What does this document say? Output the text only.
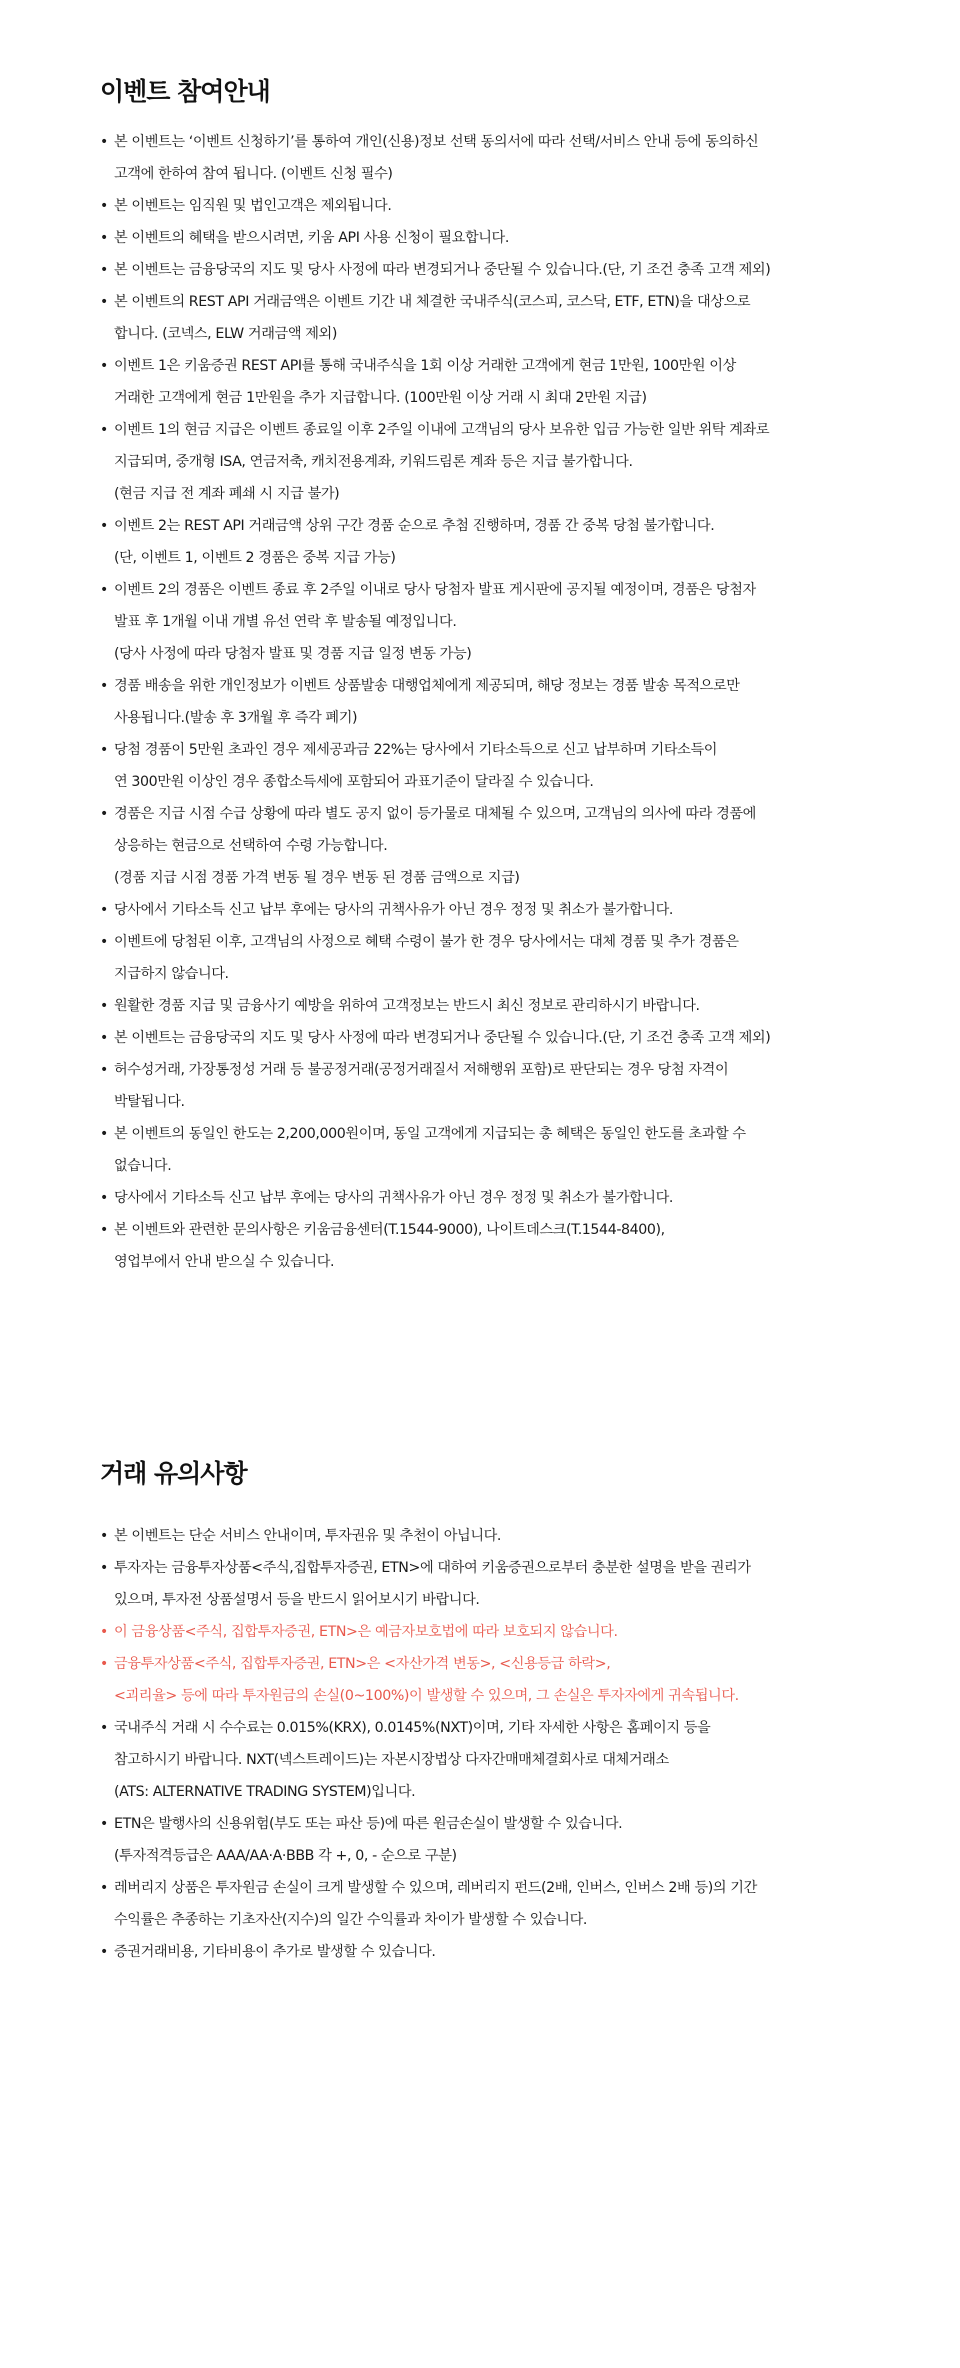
이벤트 참여안내
• 본 이벤트는 ‘이벤트 신청하기’를 통하여 개인(신용)정보 선택 동의서에 따라 선택/서비스 안내 등에 동의하신
고객에 한하여 참여 됩니다. (이벤트 신청 필수)
• 본 이벤트는 임직원 및 법인고객은 제외됩니다.
• 본 이벤트의 혜택을 받으시려면, 키움 API 사용 신청이 필요합니다.
• 본 이벤트는 금융당국의 지도 및 당사 사정에 따라 변경되거나 중단될 수 있습니다.(단, 기 조건 충족 고객 제외)
• 본 이벤트의 REST API 거래금액은 이벤트 기간 내 체결한 국내주식(코스피, 코스닥, ETF, ETN)을 대상으로
합니다. (코넥스, ELW 거래금액 제외)
• 이벤트 1은 키움증권 REST API를 통해 국내주식을 1회 이상 거래한 고객에게 현금 1만원, 100만원 이상
거래한 고객에게 현금 1만원을 추가 지급합니다. (100만원 이상 거래 시 최대 2만원 지급)
• 이벤트 1의 현금 지급은 이벤트 종료일 이후 2주일 이내에 고객님의 당사 보유한 입금 가능한 일반 위탁 계좌로
지급되며, 중개형 ISA, 연금저축, 캐치전용계좌, 키워드림론 계좌 등은 지급 불가합니다.
(현금 지급 전 계좌 폐쇄 시 지급 불가)
• 이벤트 2는 REST API 거래금액 상위 구간 경품 순으로 추첨 진행하며, 경품 간 중복 당첨 불가합니다.
(단, 이벤트 1, 이벤트 2 경품은 중복 지급 가능)
• 이벤트 2의 경품은 이벤트 종료 후 2주일 이내로 당사 당첨자 발표 게시판에 공지될 예정이며, 경품은 당첨자
발표 후 1개월 이내 개별 유선 연락 후 발송될 예정입니다.
(당사 사정에 따라 당첨자 발표 및 경품 지급 일정 변동 가능)
• 경품 배송을 위한 개인정보가 이벤트 상품발송 대행업체에게 제공되며, 해당 정보는 경품 발송 목적으로만
사용됩니다.(발송 후 3개월 후 즉각 폐기)
• 당첨 경품이 5만원 초과인 경우 제세공과금 22%는 당사에서 기타소득으로 신고 납부하며 기타소득이
연 300만원 이상인 경우 종합소득세에 포함되어 과표기준이 달라질 수 있습니다.
• 경품은 지급 시점 수급 상황에 따라 별도 공지 없이 등가물로 대체될 수 있으며, 고객님의 의사에 따라 경품에
상응하는 현금으로 선택하여 수령 가능합니다.
(경품 지급 시점 경품 가격 변동 될 경우 변동 된 경품 금액으로 지급)
• 당사에서 기타소득 신고 납부 후에는 당사의 귀책사유가 아닌 경우 정정 및 취소가 불가합니다.
• 이벤트에 당첨된 이후, 고객님의 사정으로 혜택 수령이 불가 한 경우 당사에서는 대체 경품 및 추가 경품은
지급하지 않습니다.
• 원활한 경품 지급 및 금융사기 예방을 위하여 고객정보는 반드시 최신 정보로 관리하시기 바랍니다.
• 본 이벤트는 금융당국의 지도 및 당사 사정에 따라 변경되거나 중단될 수 있습니다.(단, 기 조건 충족 고객 제외)
• 허수성거래, 가장통정성 거래 등 불공정거래(공정거래질서 저해행위 포함)로 판단되는 경우 당첨 자격이
박탈됩니다.
• 본 이벤트의 동일인 한도는 2,200,000원이며, 동일 고객에게 지급되는 총 혜택은 동일인 한도를 초과할 수
없습니다.
• 당사에서 기타소득 신고 납부 후에는 당사의 귀책사유가 아닌 경우 정정 및 취소가 불가합니다.
• 본 이벤트와 관련한 문의사항은 키움금융센터(T.1544-9000), 나이트데스크(T.1544-8400),
영업부에서 안내 받으실 수 있습니다.
거래 유의사항
• 본 이벤트는 단순 서비스 안내이며, 투자권유 및 추천이 아닙니다.
• 투자자는 금융투자상품<주식,집합투자증권, ETN>에 대하여 키움증권으로부터 충분한 설명을 받을 권리가
있으며, 투자전 상품설명서 등을 반드시 읽어보시기 바랍니다.
• 이 금융상품<주식, 집합투자증권, ETN>은 예금자보호법에 따라 보호되지 않습니다.
• 금융투자상품<주식, 집합투자증권, ETN>은 <자산가격 변동>, <신용등급 하락>,
<괴리율> 등에 따라 투자원금의 손실(0~100%)이 발생할 수 있으며, 그 손실은 투자자에게 귀속됩니다.
• 국내주식 거래 시 수수료는 0.015%(KRX), 0.0145%(NXT)이며, 기타 자세한 사항은 홈페이지 등을
참고하시기 바랍니다. NXT(넥스트레이드)는 자본시장법상 다자간매매체결회사로 대체거래소
(ATS: ALTERNATIVE TRADING SYSTEM)입니다.
• ETN은 발행사의 신용위험(부도 또는 파산 등)에 따른 원금손실이 발생할 수 있습니다.
(투자적격등급은 AAA/AA·A·BBB 각 +, 0, - 순으로 구분)
• 레버리지 상품은 투자원금 손실이 크게 발생할 수 있으며, 레버리지 펀드(2배, 인버스, 인버스 2배 등)의 기간
수익률은 추종하는 기초자산(지수)의 일간 수익률과 차이가 발생할 수 있습니다.
• 증권거래비용, 기타비용이 추가로 발생할 수 있습니다.
